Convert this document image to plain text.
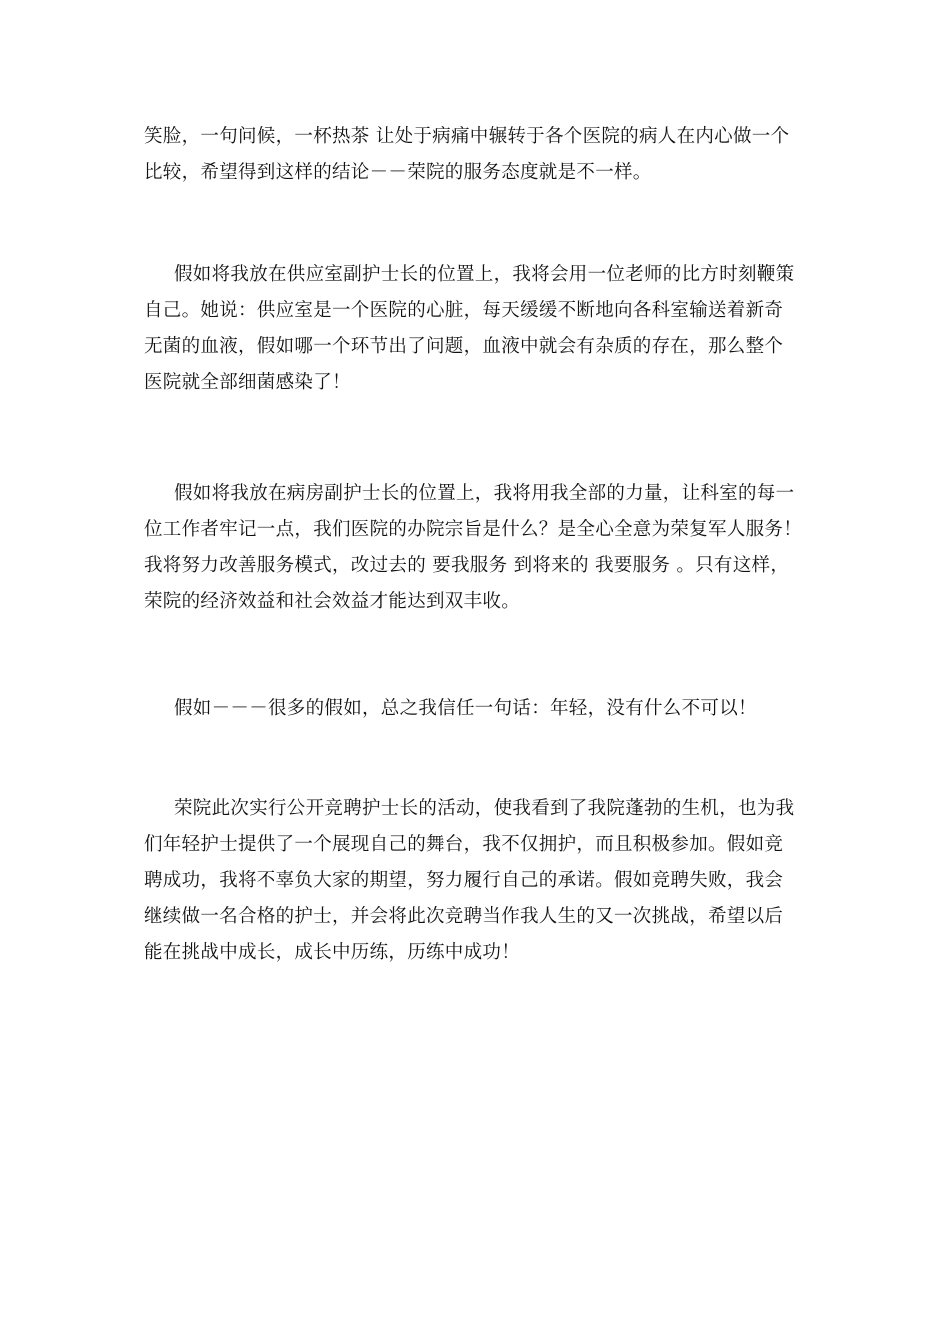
笑脸，一句问候，一杯热茶 让处于病痛中辗转于各个医院的病人在内心做一个
比较，希望得到这样的结论－－荣院的服务态度就是不一样。
假如将我放在供应室副护士长的位置上，我将会用一位老师的比方时刻鞭策
自己。她说：供应室是一个医院的心脏，每天缓缓不断地向各科室输送着新奇
无菌的血液，假如哪一个环节出了问题，血液中就会有杂质的存在，那么整个
医院就全部细菌感染了！
假如将我放在病房副护士长的位置上，我将用我全部的力量，让科室的每一
位工作者牢记一点，我们医院的办院宗旨是什么？是全心全意为荣复军人服务！
我将努力改善服务模式，改过去的 要我服务 到将来的 我要服务 。只有这样，
荣院的经济效益和社会效益才能达到双丰收。
假如－－－很多的假如，总之我信任一句话：年轻，没有什么不可以！
荣院此次实行公开竞聘护士长的活动，使我看到了我院蓬勃的生机，也为我
们年轻护士提供了一个展现自己的舞台，我不仅拥护，而且积极参加。假如竞
聘成功，我将不辜负大家的期望，努力履行自己的承诺。假如竞聘失败，我会
继续做一名合格的护士，并会将此次竞聘当作我人生的又一次挑战，希望以后
能在挑战中成长，成长中历练，历练中成功！
